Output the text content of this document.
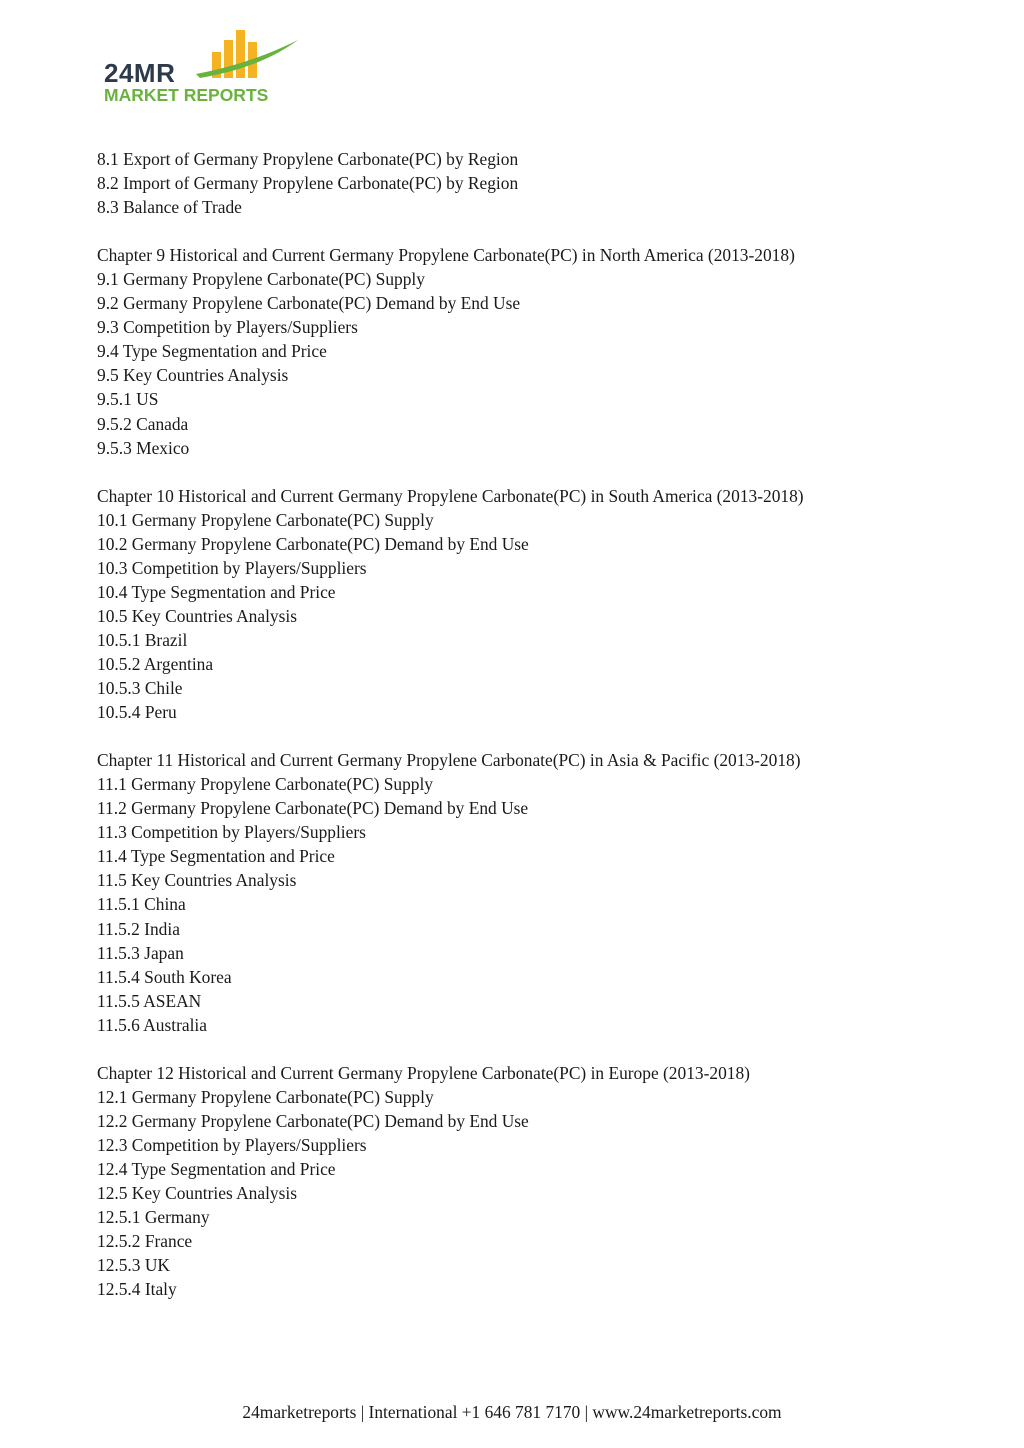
24MR
MARKET REPORTS
8.1 Export of Germany Propylene Carbonate(PC) by Region
8.2 Import of Germany Propylene Carbonate(PC) by Region
8.3 Balance of Trade
Chapter 9 Historical and Current Germany Propylene Carbonate(PC) in North America (2013-2018)
9.1 Germany Propylene Carbonate(PC) Supply
9.2 Germany Propylene Carbonate(PC) Demand by End Use
9.3 Competition by Players/Suppliers
9.4 Type Segmentation and Price
9.5 Key Countries Analysis
9.5.1 US
9.5.2 Canada
9.5.3 Mexico
Chapter 10 Historical and Current Germany Propylene Carbonate(PC) in South America (2013-2018)
10.1 Germany Propylene Carbonate(PC) Supply
10.2 Germany Propylene Carbonate(PC) Demand by End Use
10.3 Competition by Players/Suppliers
10.4 Type Segmentation and Price
10.5 Key Countries Analysis
10.5.1 Brazil
10.5.2 Argentina
10.5.3 Chile
10.5.4 Peru
Chapter 11 Historical and Current Germany Propylene Carbonate(PC) in Asia & Pacific (2013-2018)
11.1 Germany Propylene Carbonate(PC) Supply
11.2 Germany Propylene Carbonate(PC) Demand by End Use
11.3 Competition by Players/Suppliers
11.4 Type Segmentation and Price
11.5 Key Countries Analysis
11.5.1 China
11.5.2 India
11.5.3 Japan
11.5.4 South Korea
11.5.5 ASEAN
11.5.6 Australia
Chapter 12 Historical and Current Germany Propylene Carbonate(PC) in Europe (2013-2018)
12.1 Germany Propylene Carbonate(PC) Supply
12.2 Germany Propylene Carbonate(PC) Demand by End Use
12.3 Competition by Players/Suppliers
12.4 Type Segmentation and Price
12.5 Key Countries Analysis
12.5.1 Germany
12.5.2 France
12.5.3 UK
12.5.4 Italy
24marketreports | International +1 646 781 7170 | www.24marketreports.com
